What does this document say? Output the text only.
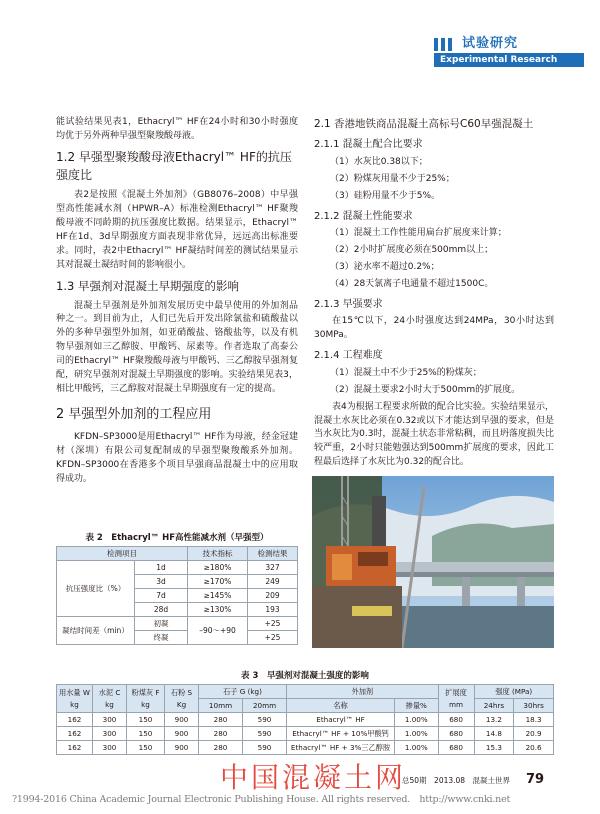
试验研究
Experimental Research

能试验结果见表1，Ethacryl™ HF在24小时和30小时强度均优于另外两种早强型聚羧酸母液。

1.2 早强型聚羧酸母液Ethacryl™ HF的抗压强度比

表2是按照《混凝土外加剂》（GB8076–2008）中早强型高性能减水剂（HPWR–A）标准检测Ethacryl™ HF聚羧酸母液不同龄期的抗压强度比数据。结果显示，Ethacryl™ HF在1d、3d早期强度方面表现非常优异，远远高出标准要求。同时，表2中Ethacryl™ HF凝结时间差的测试结果显示其对混凝土凝结时间的影响很小。

1.3 早强剂对混凝土早期强度的影响

混凝土早强剂是外加剂发展历史中最早使用的外加剂品种之一。到目前为止，人们已先后开发出除氯盐和硫酸盐以外的多种早强型外加剂，如亚硝酸盐、铬酸盐等，以及有机物早强剂如三乙醇胺、甲酸钙、尿素等。作者选取了高泰公司的Ethacryl™ HF聚羧酸母液与甲酸钙、三乙醇胺早强剂复配，研究早强剂对混凝土早期强度的影响。实验结果见表3，相比甲酸钙，三乙醇胺对混凝土早期强度有一定的提高。

2 早强型外加剂的工程应用

KFDN–SP3000是用Ethacryl™ HF作为母液，经金冠建材（深圳）有限公司复配制成的早强型聚羧酸系外加剂。KFDN–SP3000在香港多个项目早强商品混凝土中的应用取得成功。

2.1 香港地铁商品混凝土高标号C60早强混凝土
2.1.1 混凝土配合比要求

（1）水灰比0.38以下；

（2）粉煤灰用量不少于25%；

（3）硅粉用量不少于5%。

2.1.2 混凝土性能要求

（1）混凝土工作性能用扁台扩展度来计算；

（2）2小时扩展度必须在500mm以上；

（3）泌水率不超过0.2%；

（4）28天氯离子电通量不超过1500C。

2.1.3 早强要求

在15℃以下，24小时强度达到24MPa，30小时达到30MPa。

2.1.4 工程难度

（1）混凝土中不少于25%的粉煤灰；

（2）混凝土要求2小时大于500mm的扩展度。

表4为根据工程要求所做的配合比实验。实验结果显示，混凝土水灰比必须在0.32或以下才能达到早强的要求，但是当水灰比为0.3时，混凝土状态非常粘稠，而且坍落度损失比较严重，2小时只能勉强达到500mm扩展度的要求，因此工程最后选择了水灰比为0.32的配合比。

表 2　Ethacryl™ HF高性能减水剂（早强型）
检测项目		技术指标	检测结果
抗压强度比（%）	1d	≥180%	327
	3d	≥170%	249
	7d	≥145%	209
	28d	≥130%	193
凝结时间差（min）	初凝	–90～+90	+25
	终凝		+25
表 3　早强剂对混凝土强度的影响
用水量 W kg	水泥 C kg	粉煤灰 F kg	石粉 S Kg	石子 G (kg)		外加剂		扩展度 mm	强度 (MPa)	
				10mm	20mm	名称	掺量%		24hrs	30hrs
162	300	150	900	280	590	Ethacryl™ HF	1.00%	680	13.2	18.3
162	300	150	900	280	590	Ethacryl™ HF + 10%甲酸钙	1.00%	680	14.8	20.9
162	300	150	900	280	590	Ethacryl™ HF + 3%三乙醇胺	1.00%	680	15.3	20.6
中国混凝土网
总50期　2013.08　混凝土世界 79
?1994-2016 China Academic Journal Electronic Publishing House. All rights reserved.　http://www.cnki.net
